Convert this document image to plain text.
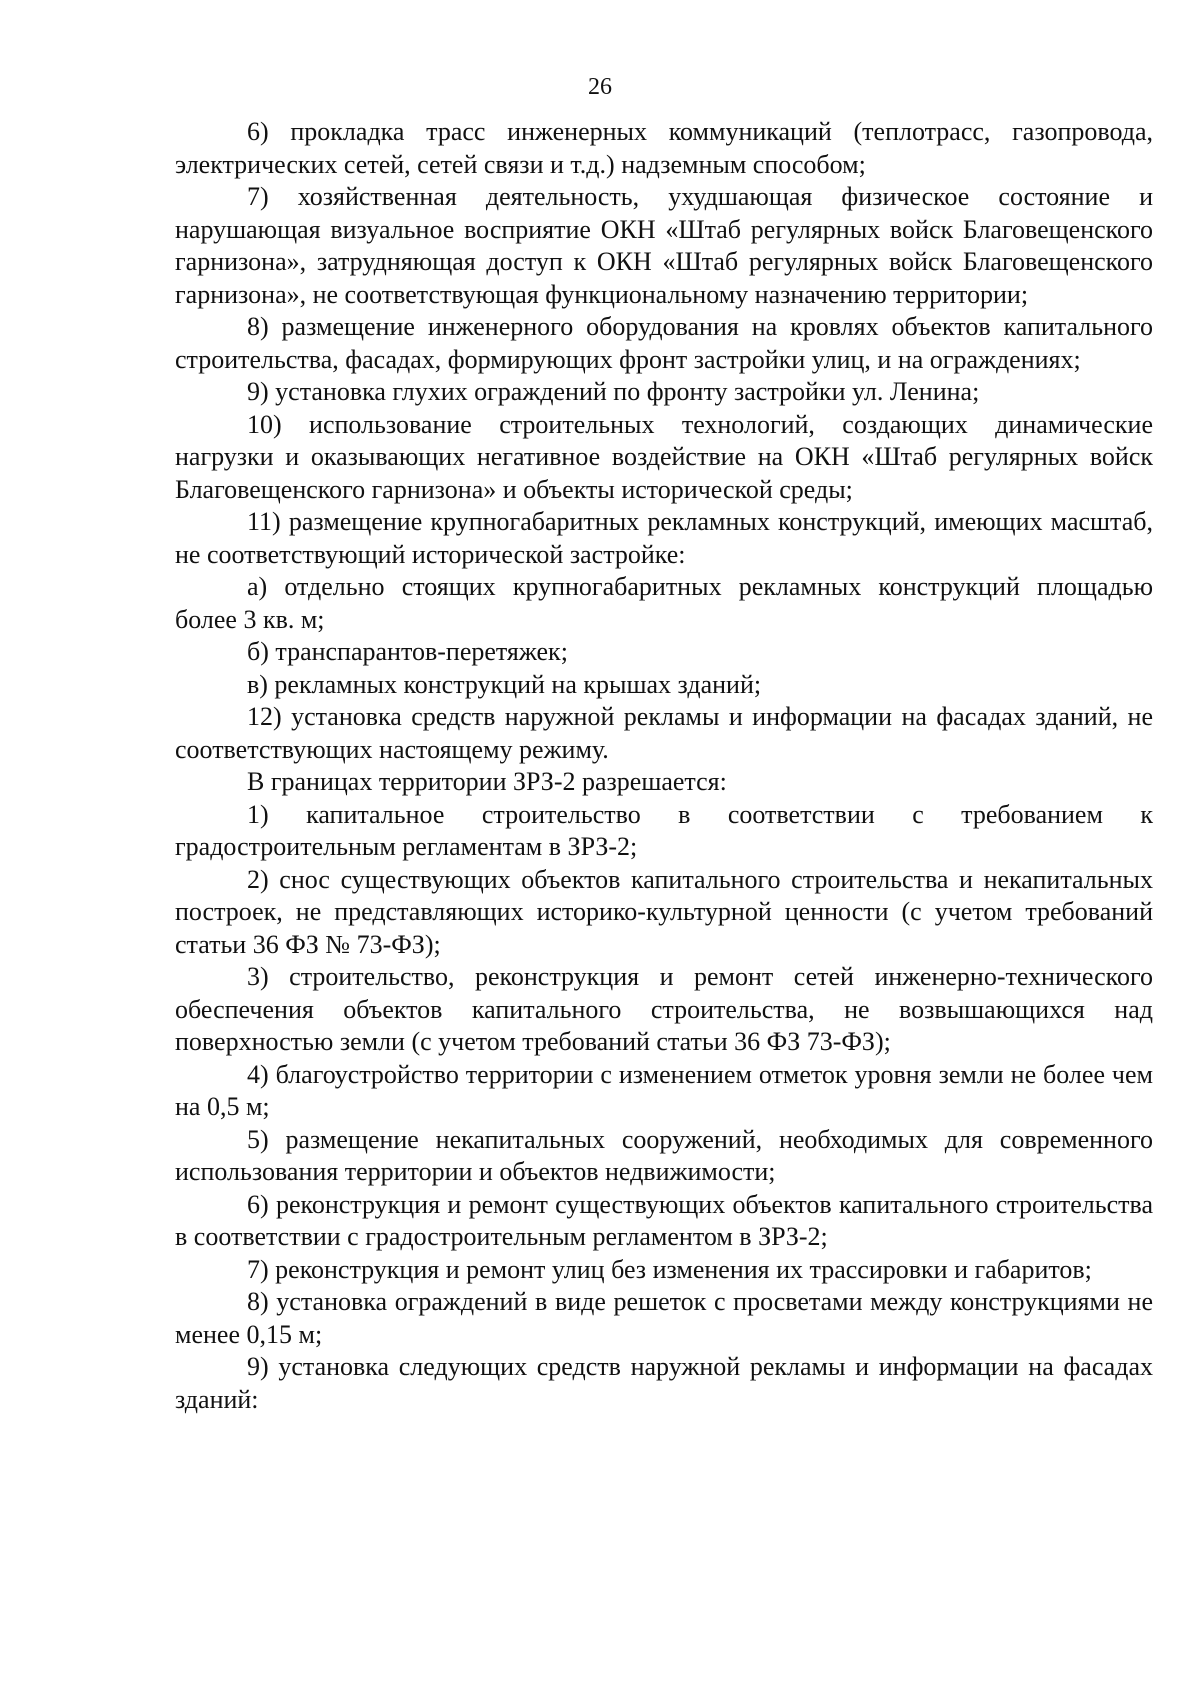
26

6) прокладка трасс инженерных коммуникаций (теплотрасс, газопровода, электрических сетей, сетей связи и т.д.) надземным способом;

7) хозяйственная деятельность, ухудшающая физическое состояние и нарушающая визуальное восприятие ОКН «Штаб регулярных войск Благовещенского гарнизона», затрудняющая доступ к ОКН «Штаб регулярных войск Благовещенского гарнизона», не соответствующая функциональному назначению территории;

8) размещение инженерного оборудования на кровлях объектов капитального строительства, фасадах, формирующих фронт застройки улиц, и на ограждениях;

9) установка глухих ограждений по фронту застройки ул. Ленина;

10) использование строительных технологий, создающих динамические нагрузки и оказывающих негативное воздействие на ОКН «Штаб регулярных войск Благовещенского гарнизона» и объекты исторической среды;

11) размещение крупногабаритных рекламных конструкций, имеющих масштаб, не соответствующий исторической застройке:

а) отдельно стоящих крупногабаритных рекламных конструкций площадью более 3 кв. м;

б) транспарантов-перетяжек;

в) рекламных конструкций на крышах зданий;

12) установка средств наружной рекламы и информации на фасадах зданий, не соответствующих настоящему режиму.

В границах территории ЗРЗ-2 разрешается:

1) капитальное строительство в соответствии с требованием к градостроительным регламентам в ЗРЗ-2;

2) снос существующих объектов капитального строительства и некапитальных построек, не представляющих историко-культурной ценности (с учетом требований статьи 36 ФЗ № 73-ФЗ);

3) строительство, реконструкция и ремонт сетей инженерно-технического обеспечения объектов капитального строительства, не возвышающихся над поверхностью земли (с учетом требований статьи 36 ФЗ 73-ФЗ);

4) благоустройство территории с изменением отметок уровня земли не более чем на 0,5 м;

5) размещение некапитальных сооружений, необходимых для современного использования территории и объектов недвижимости;

6) реконструкция и ремонт существующих объектов капитального строительства в соответствии с градостроительным регламентом в ЗРЗ-2;

7) реконструкция и ремонт улиц без изменения их трассировки и габаритов;

8) установка ограждений в виде решеток с просветами между конструкциями не менее 0,15 м;

9) установка следующих средств наружной рекламы и информации на фасадах зданий:
